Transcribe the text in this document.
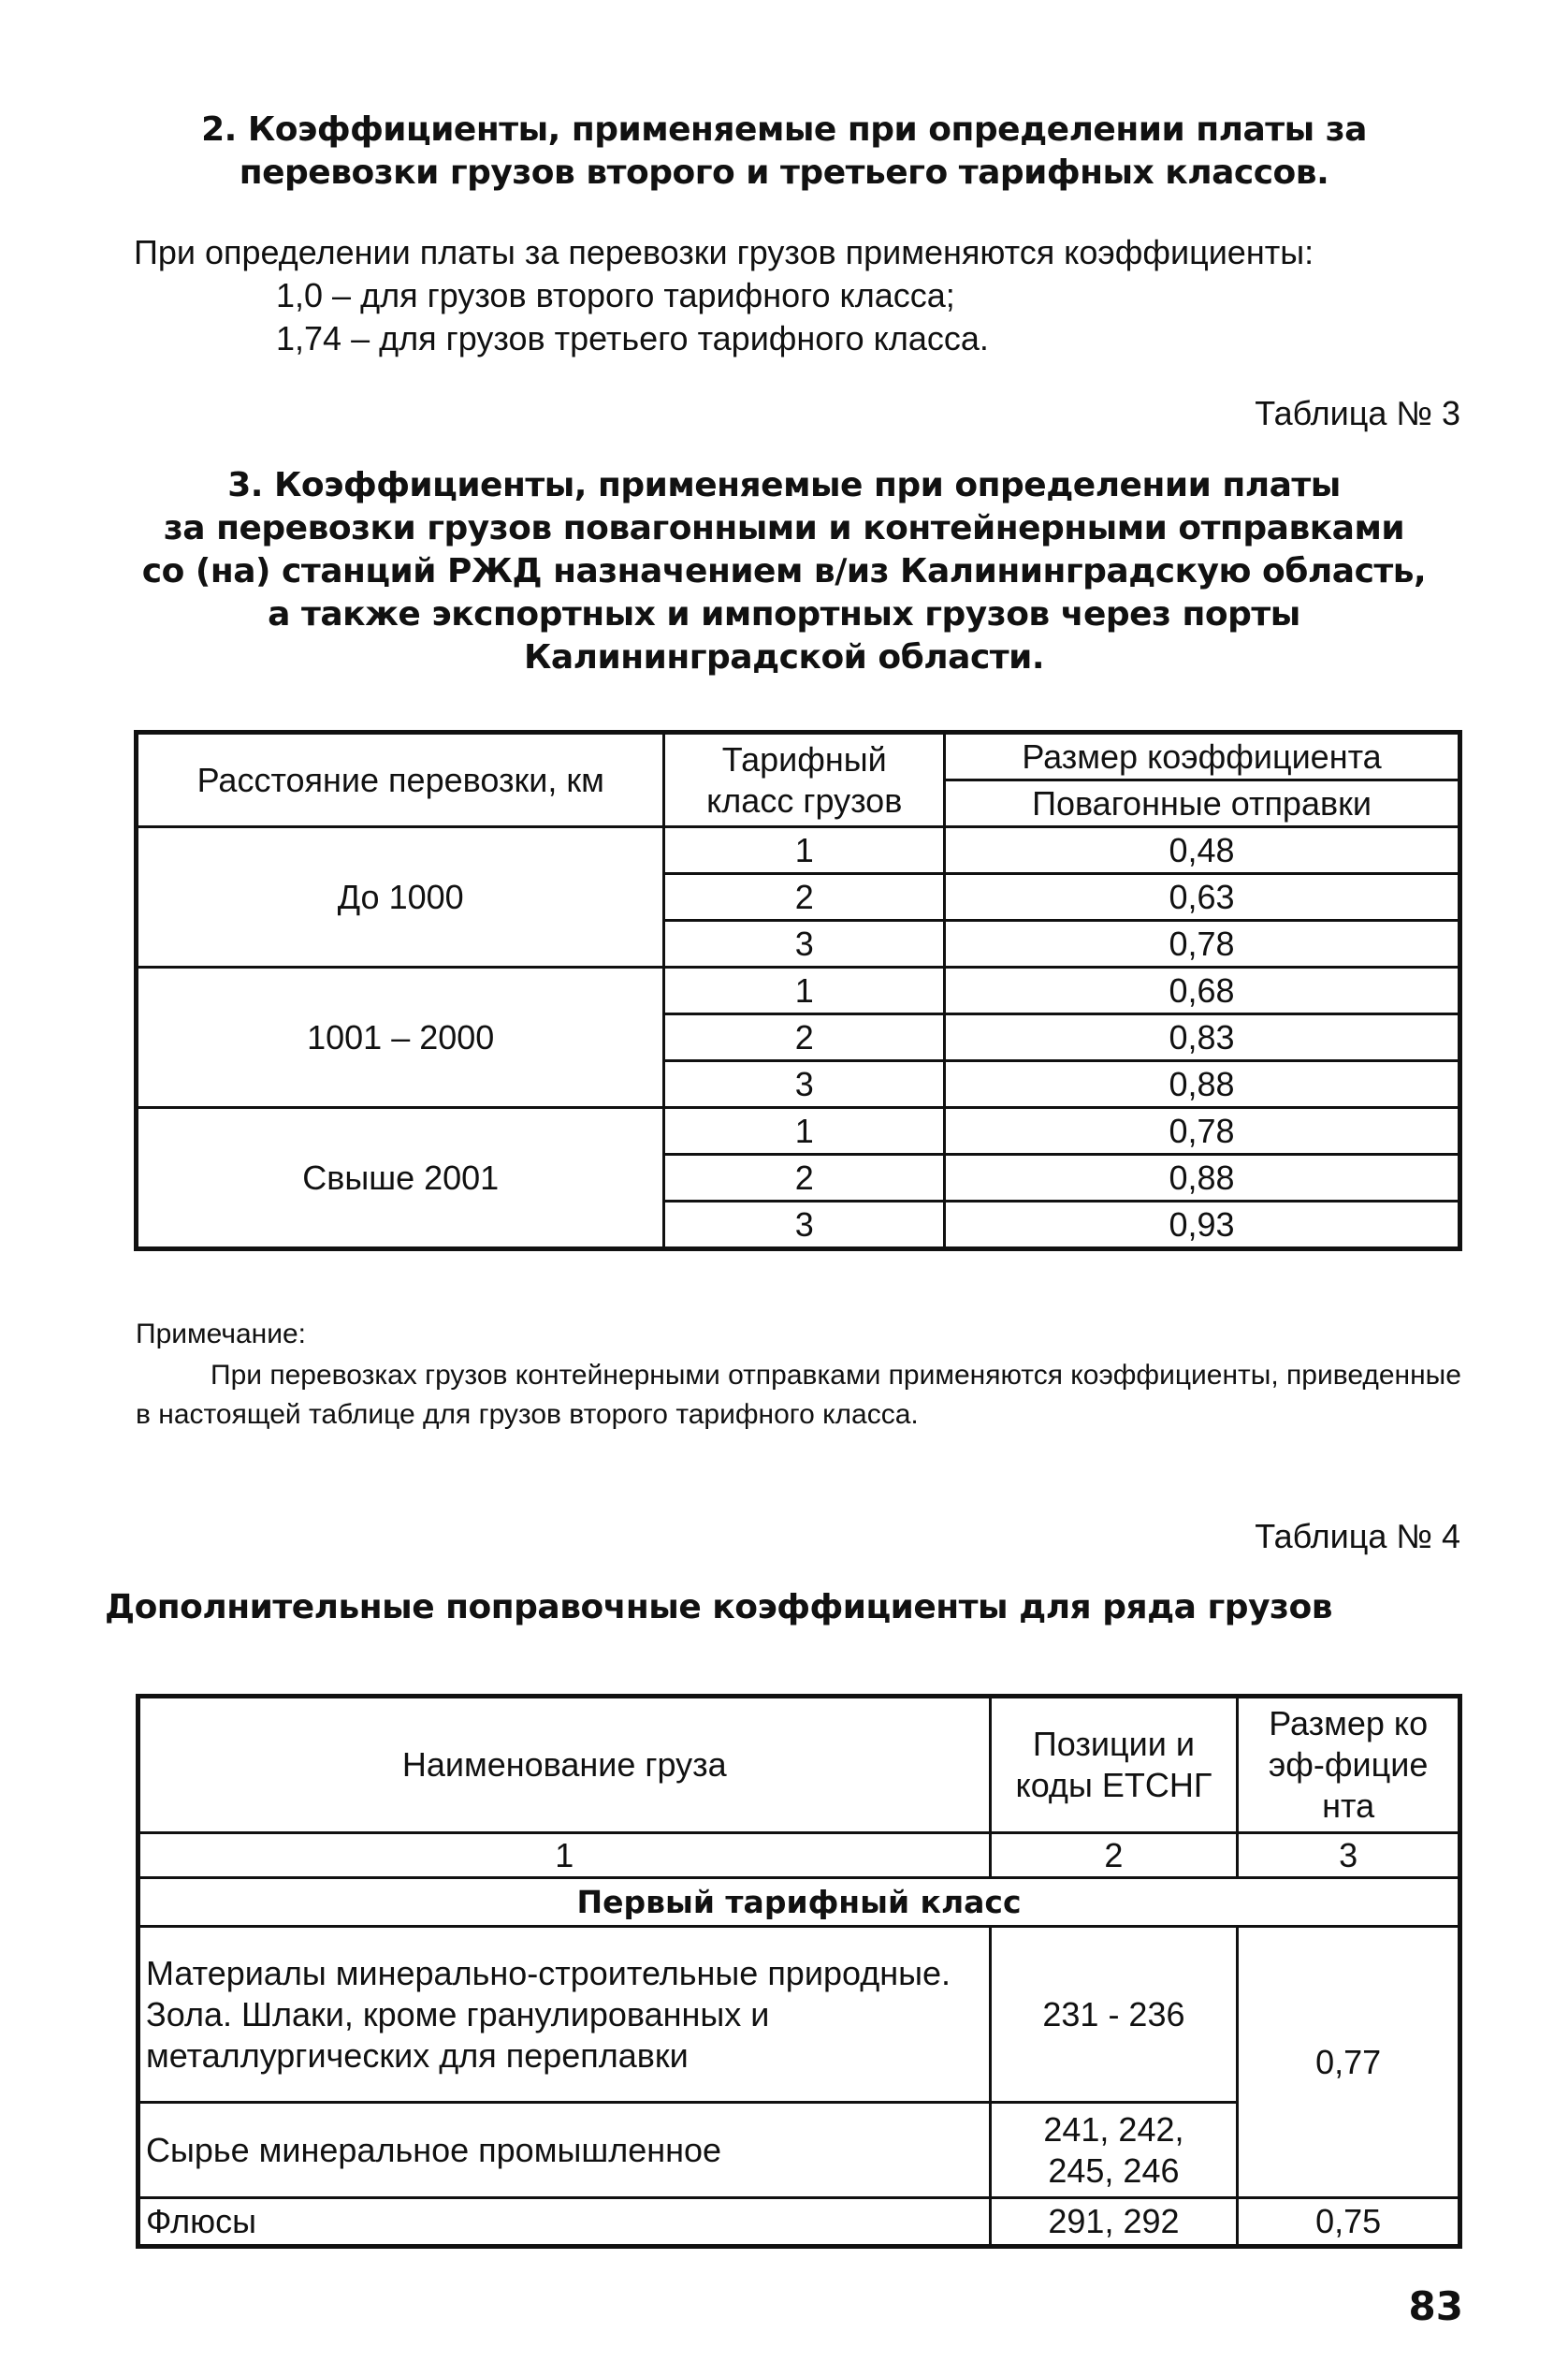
2. Коэффициенты, применяемые при определении платы за
перевозки грузов второго и третьего тарифных классов.
При определении платы за перевозки грузов применяются коэффициенты:
1,0 – для грузов второго тарифного класса;
1,74 – для грузов третьего тарифного класса.
Таблица № 3
3. Коэффициенты, применяемые при определении платы
за перевозки грузов повагонными и контейнерными отправками
со (на) станций РЖД назначением в/из Калининградскую область,
а также экспортных и импортных грузов через порты
Калининградской области.
Расстояние перевозки, км	Тарифный класс грузов	Размер коэффициента
		Повагонные отправки
До 1000	1	0,48
	2	0,63
	3	0,78
1001 – 2000	1	0,68
	2	0,83
	3	0,88
Свыше 2001	1	0,78
	2	0,88
	3	0,93
Примечание:
При перевозках грузов контейнерными отправками применяются коэффициенты, приведенные в настоящей таблице для грузов второго тарифного класса.
Таблица № 4
Дополнительные поправочные коэффициенты для ряда грузов
Наименование груза	Позиции и коды ЕТСНГ	Размер коэф-фициента

1	2	3
Первый тарифный класс		
Материалы минерально-строительные природные. Зола. Шлаки, кроме гранулированных и металлургических для переплавки	231 - 236	0,77
Сырье минеральное промышленное	241, 242, 245, 246	

Флюсы	291, 292	0,75
83
